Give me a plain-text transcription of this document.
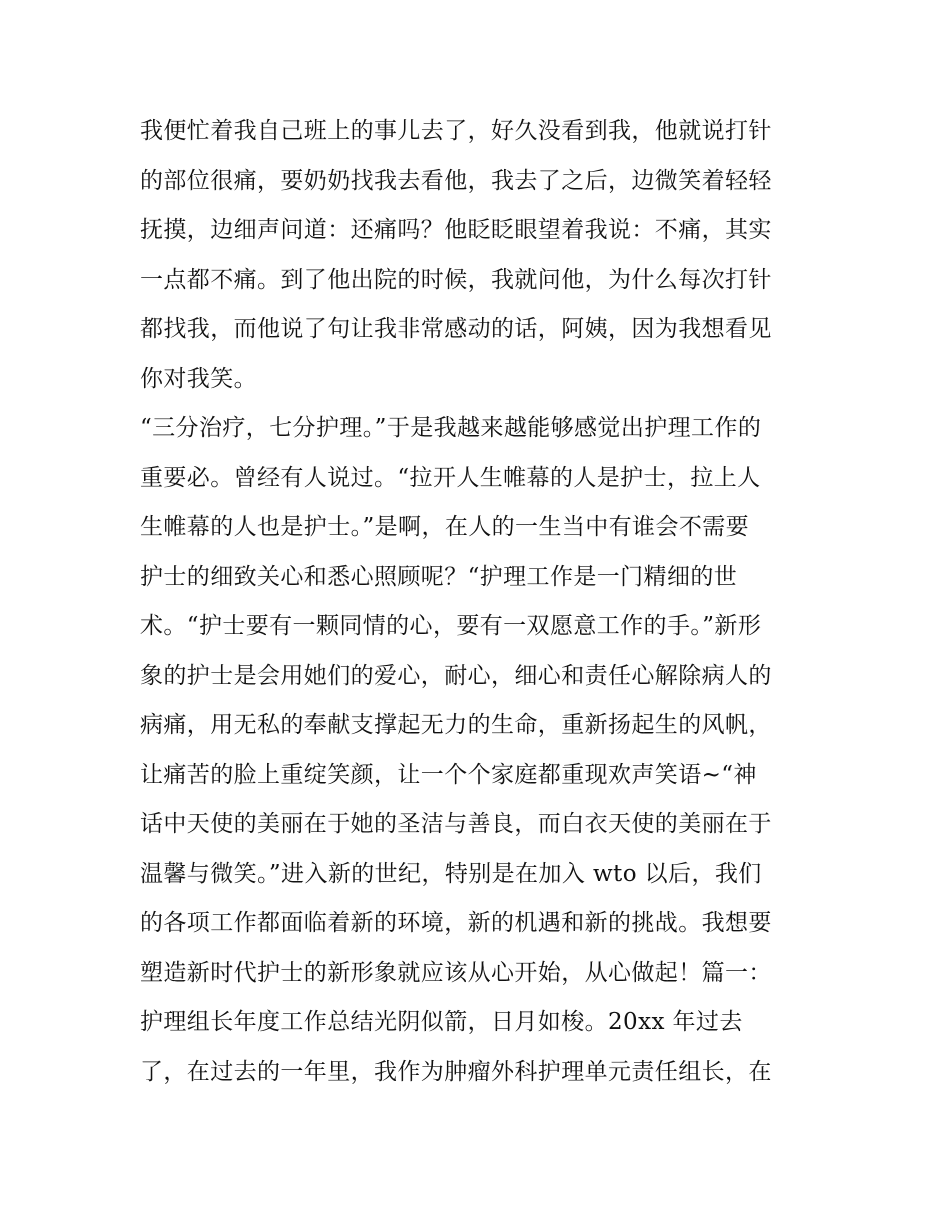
我便忙着我自己班上的事儿去了，好久没看到我，他就说打针
的部位很痛，要奶奶找我去看他，我去了之后，边微笑着轻轻
抚摸，边细声问道：还痛吗？他眨眨眼望着我说：不痛，其实
一点都不痛。到了他出院的时候，我就问他，为什么每次打针
都找我，而他说了句让我非常感动的话，阿姨，因为我想看见
你对我笑。
“三分治疗，七分护理。”于是我越来越能够感觉出护理工作的
重要必。曾经有人说过。“拉开人生帷幕的人是护士，拉上人
生帷幕的人也是护士。”是啊，在人的一生当中有谁会不需要
护士的细致关心和悉心照顾呢？“护理工作是一门精细的世
术。“护士要有一颗同情的心，要有一双愿意工作的手。”新形
象的护士是会用她们的爱心，耐心，细心和责任心解除病人的
病痛，用无私的奉献支撑起无力的生命，重新扬起生的风帆，
让痛苦的脸上重绽笑颜，让一个个家庭都重现欢声笑语~“神
话中天使的美丽在于她的圣洁与善良，而白衣天使的美丽在于
温馨与微笑。”进入新的世纪，特别是在加入 wto 以后，我们
的各项工作都面临着新的环境，新的机遇和新的挑战。我想要
塑造新时代护士的新形象就应该从心开始，从心做起！篇一：
护理组长年度工作总结光阴似箭，日月如梭。20xx 年过去
了，在过去的一年里，我作为肿瘤外科护理单元责任组长，在
